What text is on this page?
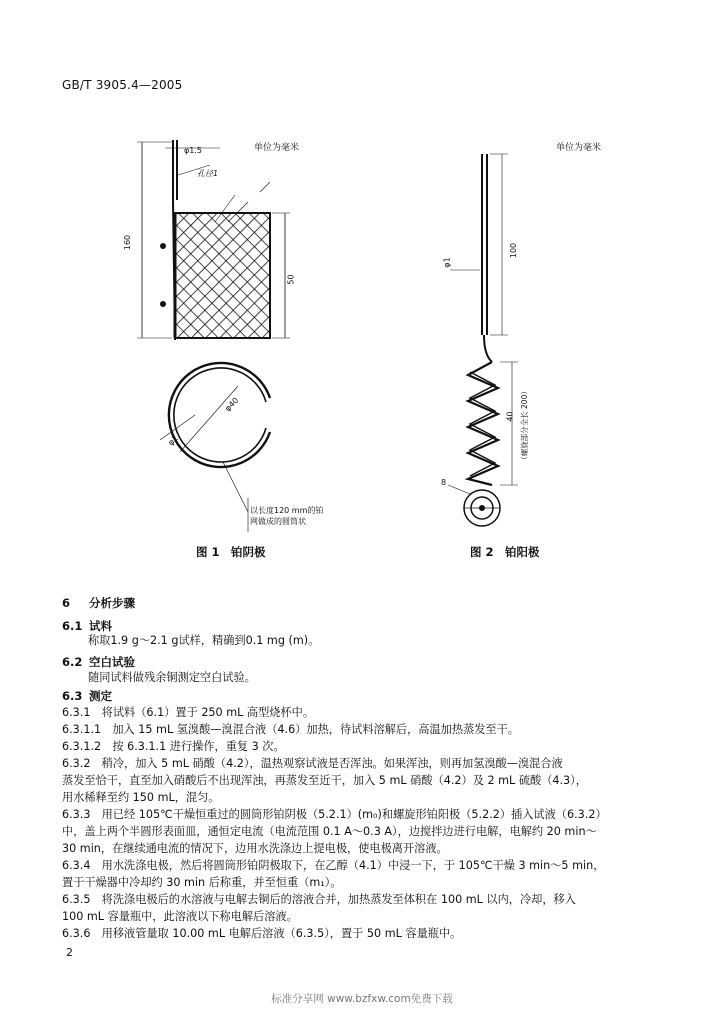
GB/T 3905.4—2005
单位为毫米
φ1.5
孔径1
160
50
φ40
φ1
以长度120 mm的铂
网做成的圆筒状
图 1　铂阴极
单位为毫米
φ1
100
40 （螺旋部分全长 200）
8
图 2　铂阳极
6 分析步骤
6.1 试料
称取1.9 g～2.1 g试样，精确到0.1 mg (m)。
6.2 空白试验
随同试料做残余铜测定空白试验。
6.3 测定
6.3.1　将试料（6.1）置于 250 mL 高型烧杯中。
6.3.1.1　加入 15 mL 氢溴酸—溴混合液（4.6）加热，待试料溶解后，高温加热蒸发至干。
6.3.1.2　按 6.3.1.1 进行操作，重复 3 次。
6.3.2　稍冷，加入 5 mL 硝酸（4.2），温热观察试液是否浑浊。如果浑浊，则再加氢溴酸—溴混合液
蒸发至恰干，直至加入硝酸后不出现浑浊，再蒸发至近干，加入 5 mL 硝酸（4.2）及 2 mL 硫酸（4.3），
用水稀释至约 150 mL，混匀。
6.3.3　用已经 105℃干燥恒重过的圆筒形铂阴极（5.2.1）(m₀)和螺旋形铂阳极（5.2.2）插入试液（6.3.2）
中，盖上两个半圆形表面皿，通恒定电流（电流范围 0.1 A～0.3 A），边搅拌边进行电解，电解约 20 min～
30 min，在继续通电流的情况下，边用水洗涤边上提电极，使电极离开溶液。
6.3.4　用水洗涤电极，然后将圆筒形铂阴极取下，在乙醇（4.1）中浸一下，于 105℃干燥 3 min～5 min，
置于干燥器中冷却约 30 min 后称重，并至恒重（m₁）。
6.3.5　将洗涤电极后的水溶液与电解去铜后的溶液合并，加热蒸发至体积在 100 mL 以内，冷却，移入
100 mL 容量瓶中，此溶液以下称电解后溶液。
6.3.6　用移液管量取 10.00 mL 电解后溶液（6.3.5），置于 50 mL 容量瓶中。
2
标准分享网 www.bzfxw.com免费下载
